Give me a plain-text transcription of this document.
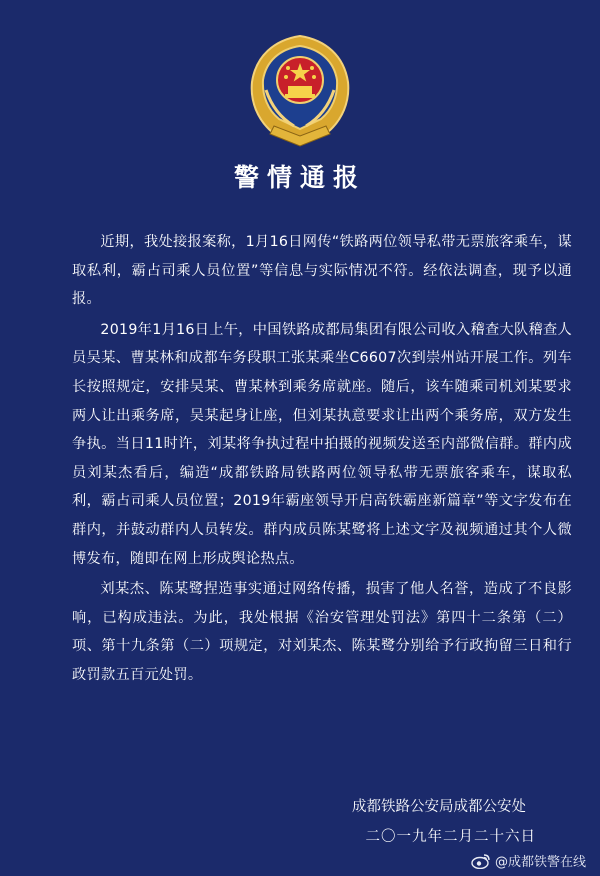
警情通报

近期，我处接报案称，1月16日网传“铁路两位领导私带无票旅客乘车，谋取私利，霸占司乘人员位置”等信息与实际情况不符。经依法调查，现予以通报。

2019年1月16日上午，中国铁路成都局集团有限公司收入稽查大队稽查人员吴某、曹某林和成都车务段职工张某乘坐C6607次到崇州站开展工作。列车长按照规定，安排吴某、曹某林到乘务席就座。随后，该车随乘司机刘某要求两人让出乘务席，吴某起身让座，但刘某执意要求让出两个乘务席，双方发生争执。当日11时许，刘某将争执过程中拍摄的视频发送至内部微信群。群内成员刘某杰看后，编造“成都铁路局铁路两位领导私带无票旅客乘车，谋取私利，霸占司乘人员位置；2019年霸座领导开启高铁霸座新篇章”等文字发布在群内，并鼓动群内人员转发。群内成员陈某鹭将上述文字及视频通过其个人微博发布，随即在网上形成舆论热点。

刘某杰、陈某鹭捏造事实通过网络传播，损害了他人名誉，造成了不良影响，已构成违法。为此，我处根据《治安管理处罚法》第四十二条第（二）项、第十九条第（二）项规定，对刘某杰、陈某鹭分别给予行政拘留三日和行政罚款五百元处罚。

成都铁路公安局成都公安处
二〇一九年二月二十六日
@成都铁警在线
